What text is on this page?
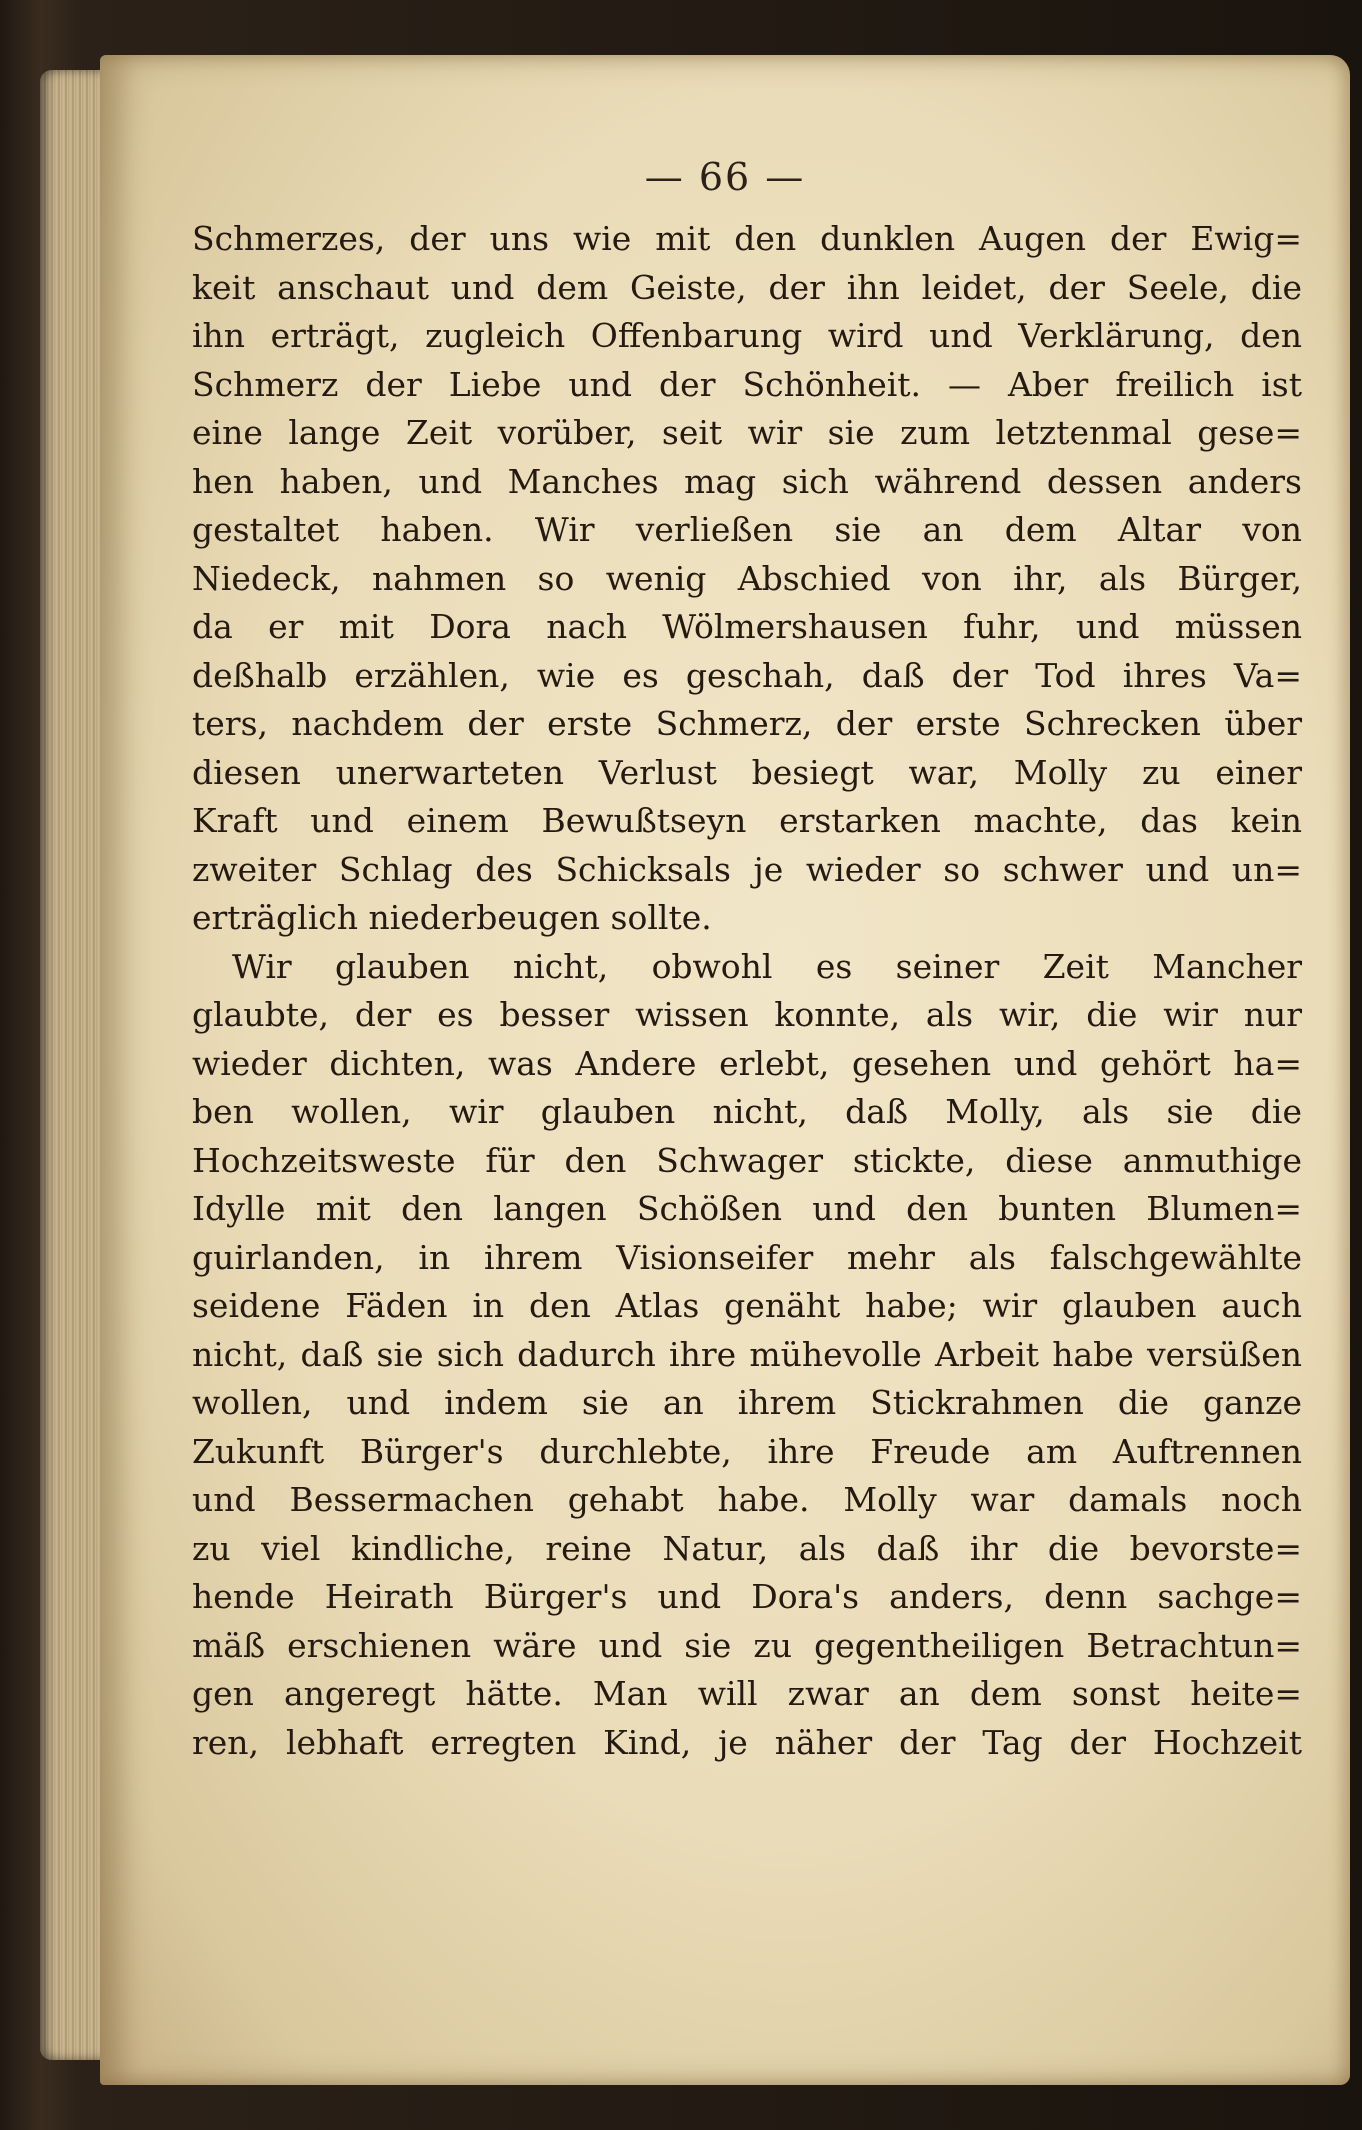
— 66 —
Schmerzes, der uns wie mit den dunklen Augen der Ewig=
keit anschaut und dem Geiste, der ihn leidet, der Seele, die
ihn erträgt, zugleich Offenbarung wird und Verklärung, den
Schmerz der Liebe und der Schönheit. — Aber freilich ist
eine lange Zeit vorüber, seit wir sie zum letztenmal gese=
hen haben, und Manches mag sich während dessen anders
gestaltet haben. Wir verließen sie an dem Altar von
Niedeck, nahmen so wenig Abschied von ihr, als Bürger,
da er mit Dora nach Wölmershausen fuhr, und müssen
deßhalb erzählen, wie es geschah, daß der Tod ihres Va=
ters, nachdem der erste Schmerz, der erste Schrecken über
diesen unerwarteten Verlust besiegt war, Molly zu einer
Kraft und einem Bewußtseyn erstarken machte, das kein
zweiter Schlag des Schicksals je wieder so schwer und un=
erträglich niederbeugen sollte.
Wir glauben nicht, obwohl es seiner Zeit Mancher
glaubte, der es besser wissen konnte, als wir, die wir nur
wieder dichten, was Andere erlebt, gesehen und gehört ha=
ben wollen, wir glauben nicht, daß Molly, als sie die
Hochzeitsweste für den Schwager stickte, diese anmuthige
Idylle mit den langen Schößen und den bunten Blumen=
guirlanden, in ihrem Visionseifer mehr als falschgewählte
seidene Fäden in den Atlas genäht habe; wir glauben auch
nicht, daß sie sich dadurch ihre mühevolle Arbeit habe versüßen
wollen, und indem sie an ihrem Stickrahmen die ganze
Zukunft Bürger's durchlebte, ihre Freude am Auftrennen
und Bessermachen gehabt habe. Molly war damals noch
zu viel kindliche, reine Natur, als daß ihr die bevorste=
hende Heirath Bürger's und Dora's anders, denn sachge=
mäß erschienen wäre und sie zu gegentheiligen Betrachtun=
gen angeregt hätte. Man will zwar an dem sonst heite=
ren, lebhaft erregten Kind, je näher der Tag der Hochzeit
